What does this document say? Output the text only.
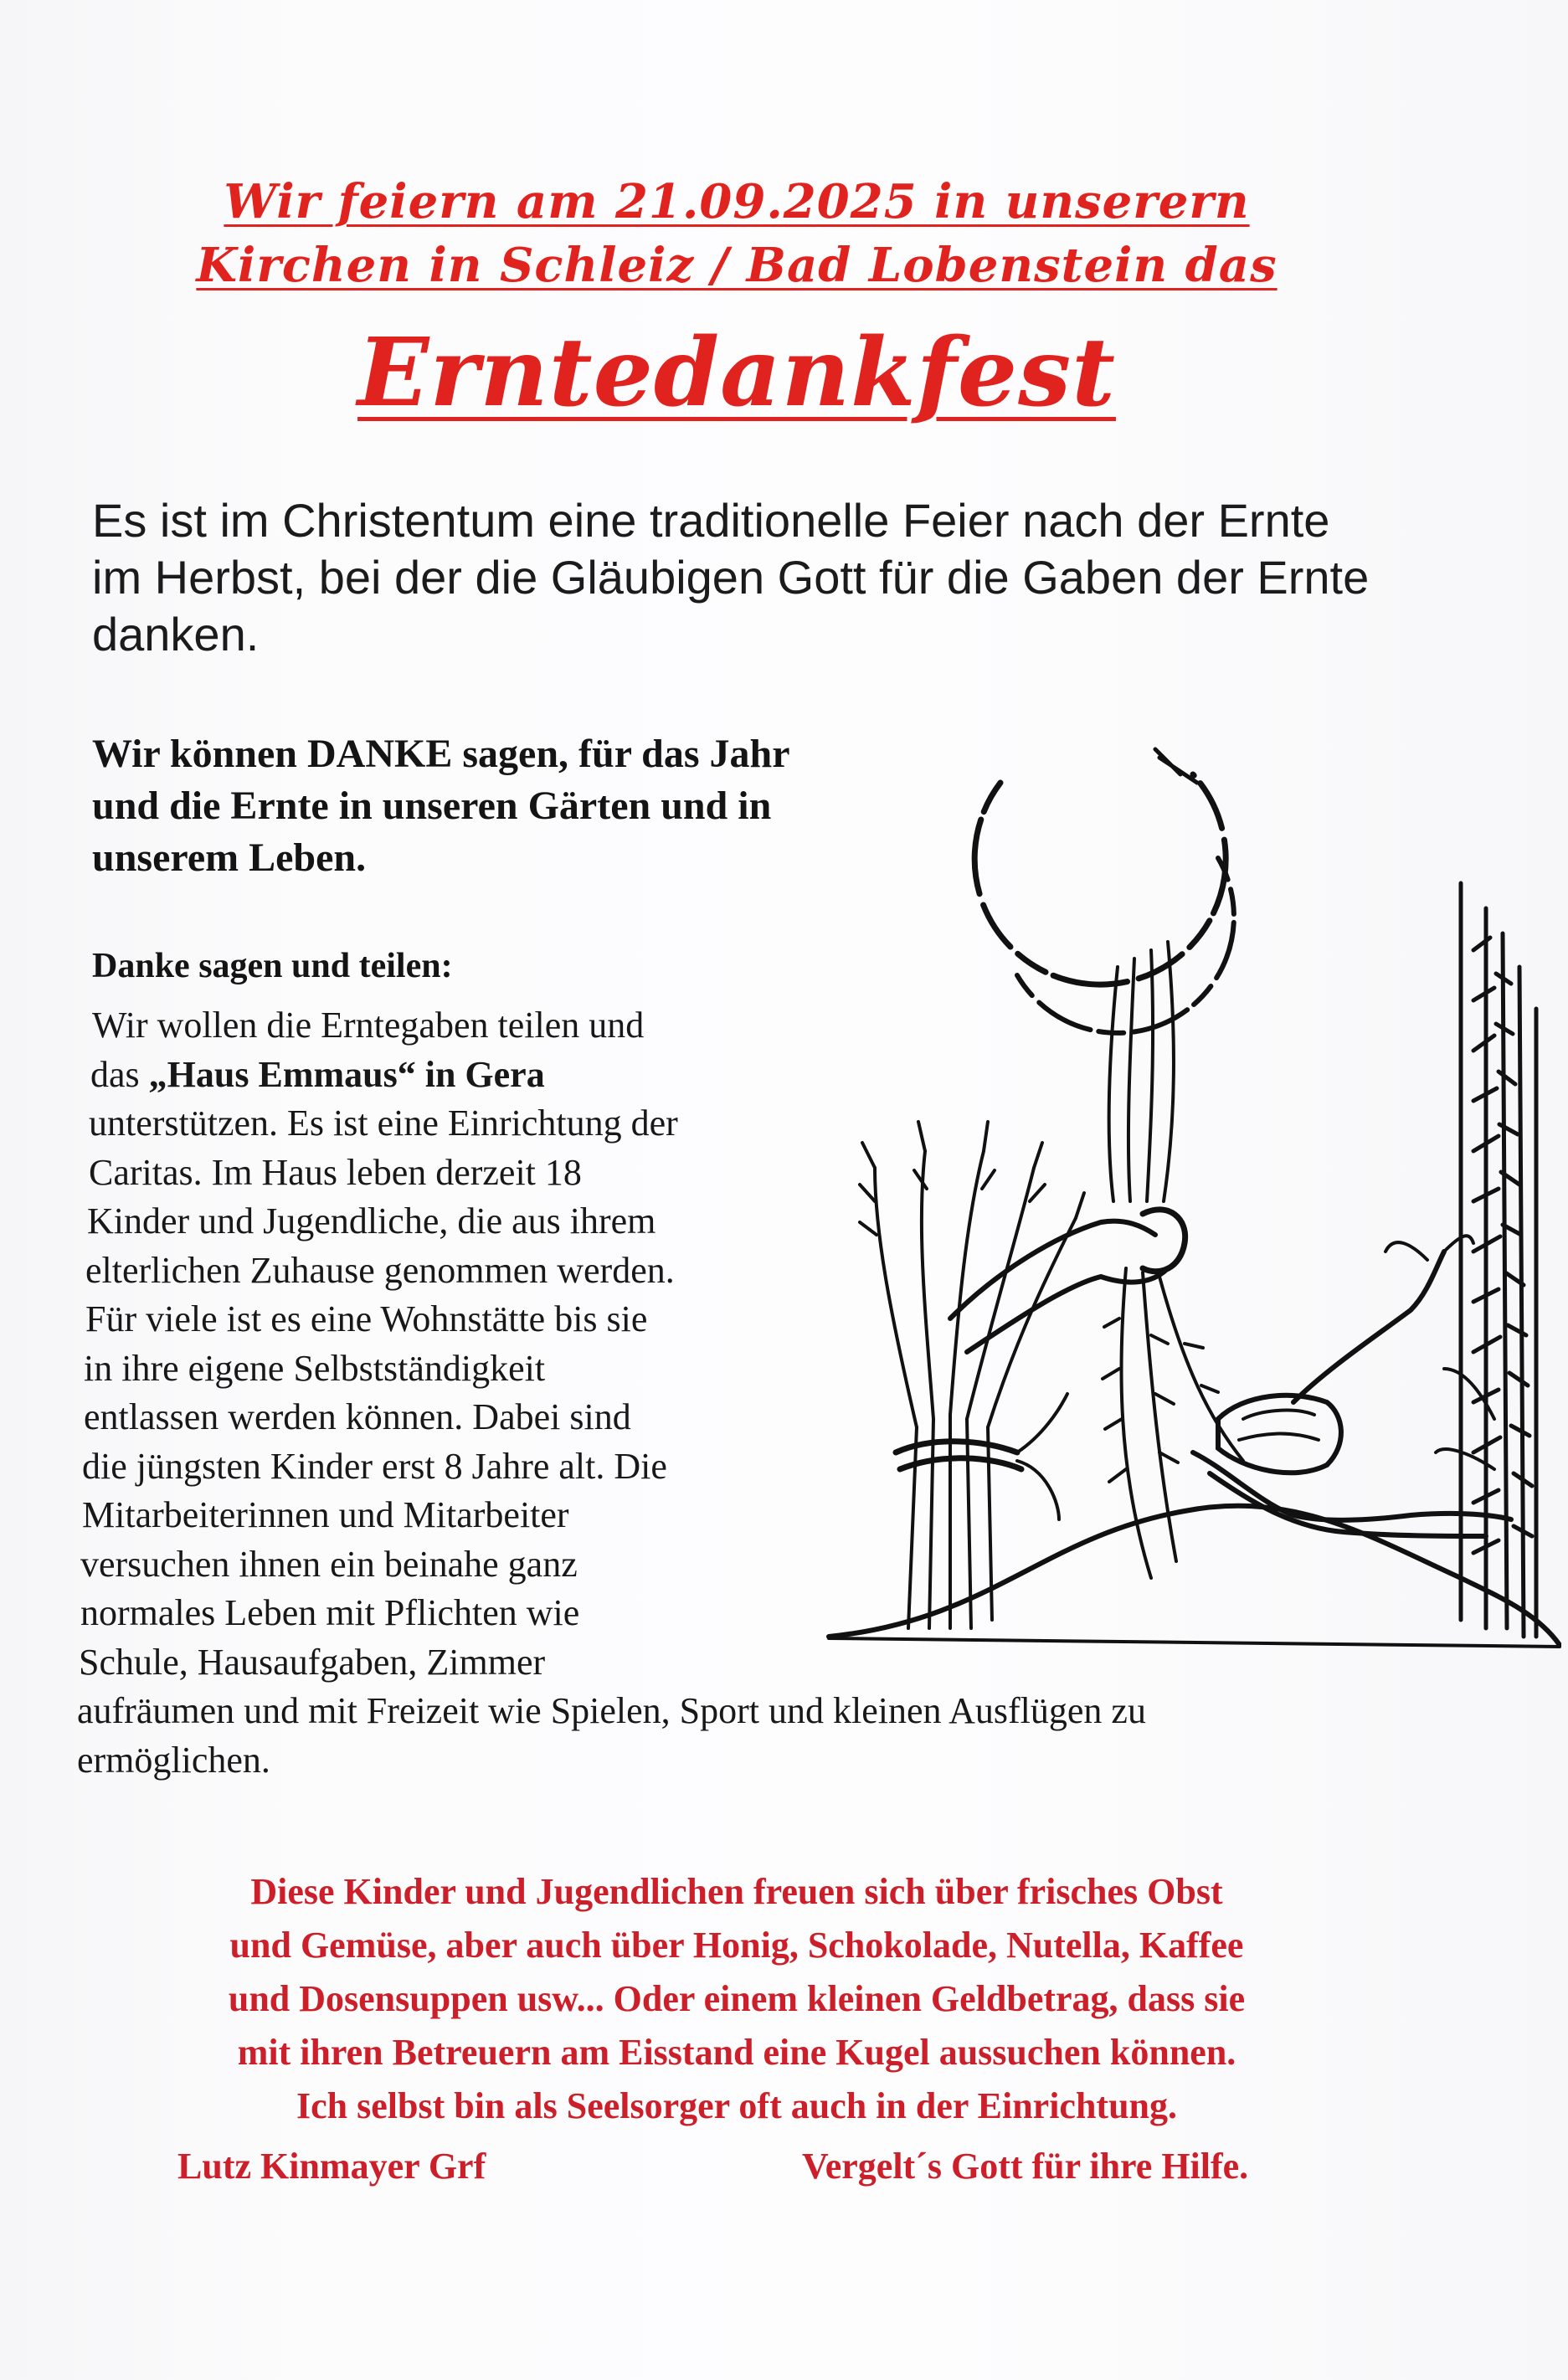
Wir feiern am 21.09.2025 in unserern
Kirchen in Schleiz / Bad Lobenstein das
Erntedankfest
Es ist im Christentum eine traditionelle Feier nach der Ernte im Herbst, bei der die Gläubigen Gott für die Gaben der Ernte danken.
Wir können DANKE sagen, für das Jahr und die Ernte in unseren Gärten und in unserem Leben.
Danke sagen und teilen:
Wir wollen die Erntegaben teilen und
das „Haus Emmaus“ in Gera
unterstützen. Es ist eine Einrichtung der
Caritas. Im Haus leben derzeit 18
Kinder und Jugendliche, die aus ihrem
elterlichen Zuhause genommen werden.
Für viele ist es eine Wohnstätte bis sie
in ihre eigene Selbstständigkeit
entlassen werden können. Dabei sind
die jüngsten Kinder erst 8 Jahre alt. Die
Mitarbeiterinnen und Mitarbeiter
versuchen ihnen ein beinahe ganz
normales Leben mit Pflichten wie
Schule, Hausaufgaben, Zimmer
aufräumen und mit Freizeit wie Spielen, Sport und kleinen Ausflügen zu
ermöglichen.
Diese Kinder und Jugendlichen freuen sich über frisches Obst
und Gemüse, aber auch über Honig, Schokolade, Nutella, Kaffee
und Dosensuppen usw... Oder einem kleinen Geldbetrag, dass sie
mit ihren Betreuern am Eisstand eine Kugel aussuchen können.
Ich selbst bin als Seelsorger oft auch in der Einrichtung.
Lutz Kinmayer Grf	Vergelt´s Gott für ihre Hilfe.
